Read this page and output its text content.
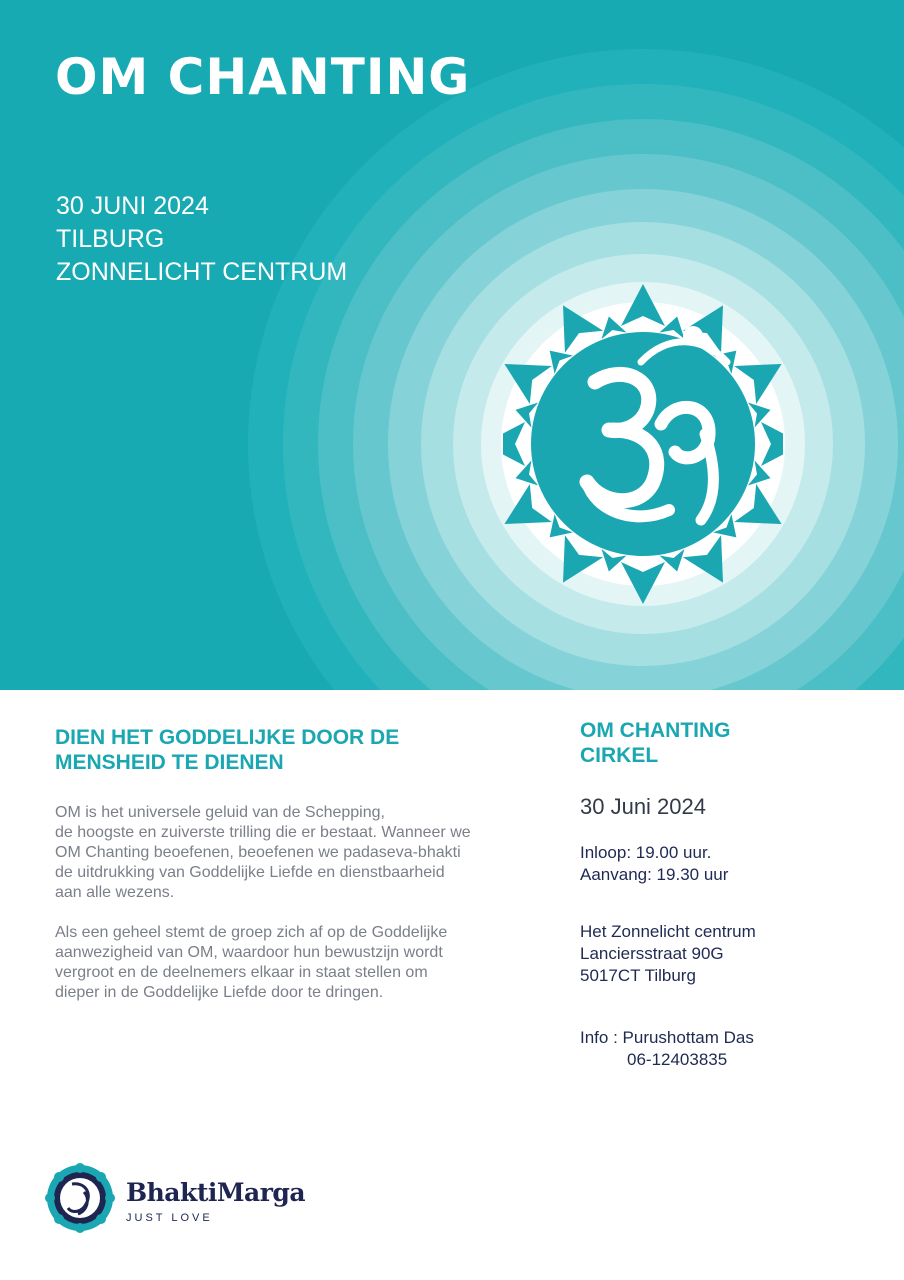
OM CHANTING
30 JUNI 2024
TILBURG
ZONNELICHT CENTRUM
DIEN HET GODDELIJKE DOOR DE MENSHEID TE DIENEN

OM is het universele geluid van de Schepping,
de hoogste en zuiverste trilling die er bestaat. Wanneer we
OM Chanting beoefenen, beoefenen we padaseva-bhakti
de uitdrukking van Goddelijke Liefde en dienstbaarheid
aan alle wezens.

Als een geheel stemt de groep zich af op de Goddelijke
aanwezigheid van OM, waardoor hun bewustzijn wordt
vergroot en de deelnemers elkaar in staat stellen om
dieper in de Goddelijke Liefde door te dringen.

OM CHANTING
CIRKEL
30 Juni 2024
Inloop: 19.00 uur.
Aanvang: 19.30 uur
Het Zonnelicht centrum
Lanciersstraat 90G
5017CT Tilburg
Info : Purushottam Das
06-12403835
BhaktiMarga
JUST LOVE
